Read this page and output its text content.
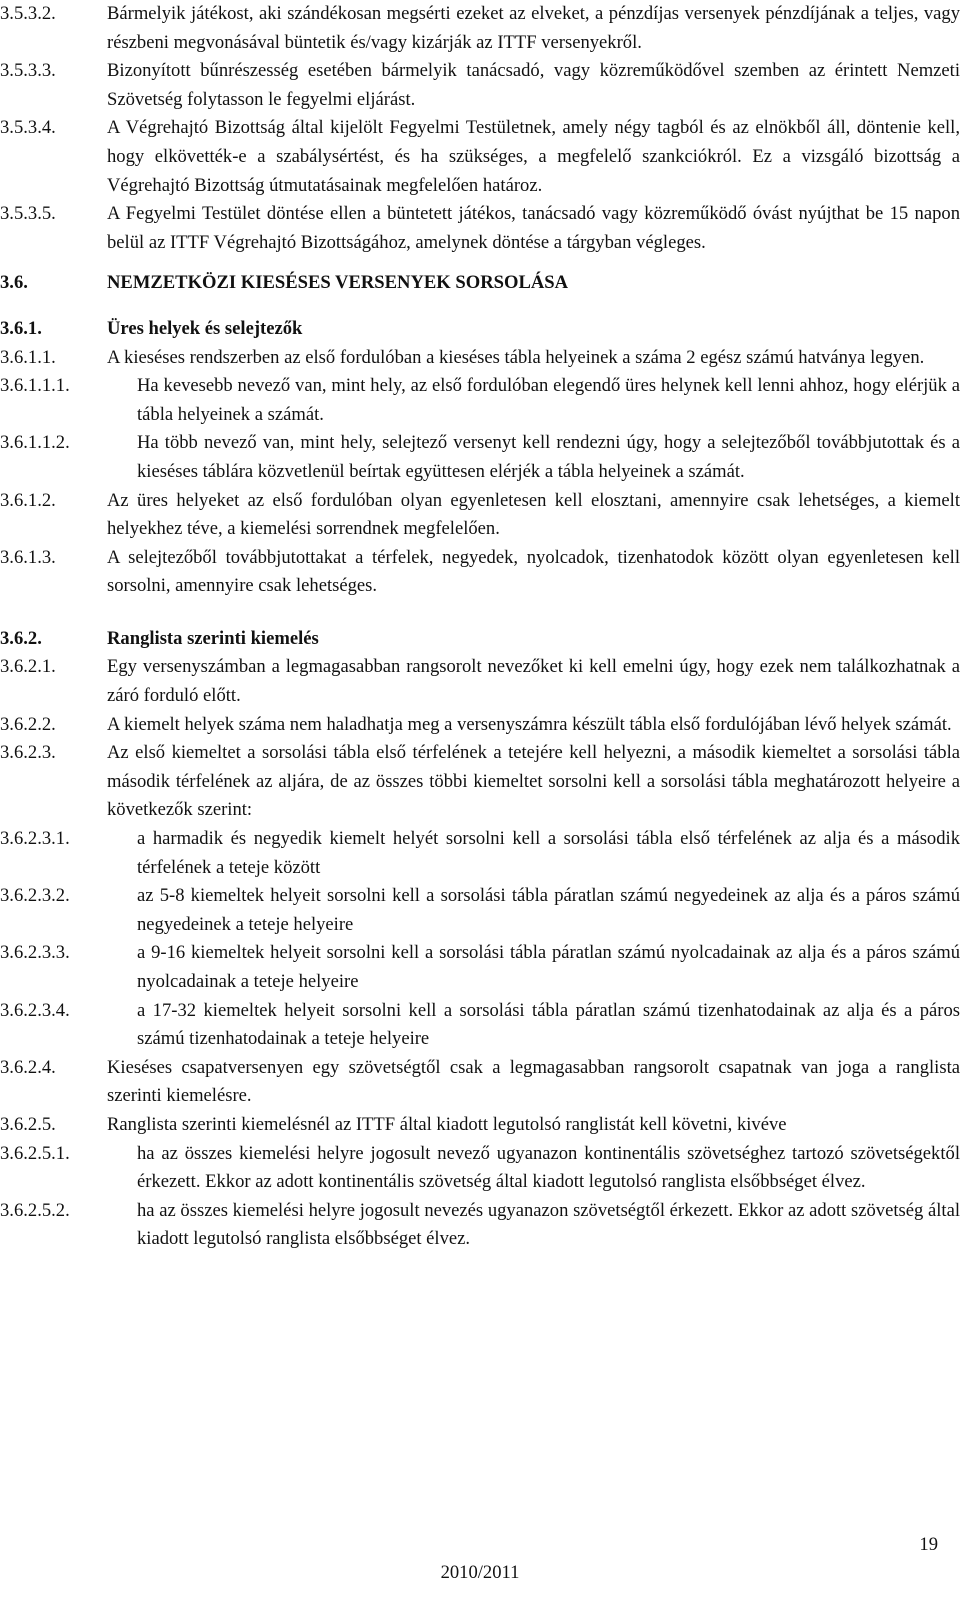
3.5.3.2.	Bármelyik játékost, aki szándékosan megsérti ezeket az elveket, a pénzdíjas versenyek pénzdíjának a teljes, vagy részbeni megvonásával büntetik és/vagy kizárják az ITTF versenyekről.
3.5.3.3.	Bizonyított bűnrészesség esetében bármelyik tanácsadó, vagy közreműködővel szemben az érintett Nemzeti Szövetség folytasson le fegyelmi eljárást.
3.5.3.4.	A Végrehajtó Bizottság által kijelölt Fegyelmi Testületnek, amely négy tagból és az elnökből áll, döntenie kell, hogy elkövették-e a szabálysértést, és ha szükséges, a megfelelő szankciókról. Ez a vizsgáló bizottság a Végrehajtó Bizottság útmutatásainak megfelelően határoz.
3.5.3.5.	A Fegyelmi Testület döntése ellen a büntetett játékos, tanácsadó vagy közreműködő óvást nyújthat be 15 napon belül az ITTF Végrehajtó Bizottságához, amelynek döntése a tárgyban végleges.
3.6.	NEMZETKÖZI KIESÉSES VERSENYEK SORSOLÁSA
3.6.1.	Üres helyek és selejtezők
3.6.1.1.	A kieséses rendszerben az első fordulóban a kieséses tábla helyeinek a száma 2 egész számú hatványa legyen.
3.6.1.1.1.	Ha kevesebb nevező van, mint hely, az első fordulóban elegendő üres helynek kell lenni ahhoz, hogy elérjük a tábla helyeinek a számát.
3.6.1.1.2.	Ha több nevező van, mint hely, selejtező versenyt kell rendezni úgy, hogy a selejtezőből továbbjutottak és a kieséses táblára közvetlenül beírtak együttesen elérjék a tábla helyeinek a számát.
3.6.1.2.	Az üres helyeket az első fordulóban olyan egyenletesen kell elosztani, amennyire csak lehetséges, a kiemelt helyekhez téve, a kiemelési sorrendnek megfelelően.
3.6.1.3.	A selejtezőből továbbjutottakat a térfelek, negyedek, nyolcadok, tizenhatodok között olyan egyenletesen kell sorsolni, amennyire csak lehetséges.
3.6.2.	Ranglista szerinti kiemelés
3.6.2.1.	Egy versenyszámban a legmagasabban rangsorolt nevezőket ki kell emelni úgy, hogy ezek nem találkozhatnak a záró forduló előtt.
3.6.2.2.	A kiemelt helyek száma nem haladhatja meg a versenyszámra készült tábla első fordulójában lévő helyek számát.
3.6.2.3.	Az első kiemeltet a sorsolási tábla első térfelének a tetejére kell helyezni, a második kiemeltet a sorsolási tábla második térfelének az aljára, de az összes többi kiemeltet sorsolni kell a sorsolási tábla meghatározott helyeire a következők szerint:
3.6.2.3.1.	a harmadik és negyedik kiemelt helyét sorsolni kell a sorsolási tábla első térfelének az alja és a második térfelének a teteje között
3.6.2.3.2.	az 5-8 kiemeltek helyeit sorsolni kell a sorsolási tábla páratlan számú negyedeinek az alja és a páros számú negyedeinek a teteje helyeire
3.6.2.3.3.	a 9-16 kiemeltek helyeit sorsolni kell a sorsolási tábla páratlan számú nyolcadainak az alja és a páros számú nyolcadainak a teteje helyeire
3.6.2.3.4.	a 17-32 kiemeltek helyeit sorsolni kell a sorsolási tábla páratlan számú tizenhatodainak az alja és a páros számú tizenhatodainak a teteje helyeire
3.6.2.4.	Kieséses csapatversenyen egy szövetségtől csak a legmagasabban rangsorolt csapatnak van joga a ranglista szerinti kiemelésre.
3.6.2.5.	Ranglista szerinti kiemelésnél az ITTF által kiadott legutolsó ranglistát kell követni, kivéve
3.6.2.5.1.	ha az összes kiemelési helyre jogosult nevező ugyanazon kontinentális szövetséghez tartozó szövetségektől érkezett. Ekkor az adott kontinentális szövetség által kiadott legutolsó ranglista elsőbbséget élvez.
3.6.2.5.2.	ha az összes kiemelési helyre jogosult nevezés ugyanazon szövetségtől érkezett. Ekkor az adott szövetség által kiadott legutolsó ranglista elsőbbséget élvez.
19
2010/2011
